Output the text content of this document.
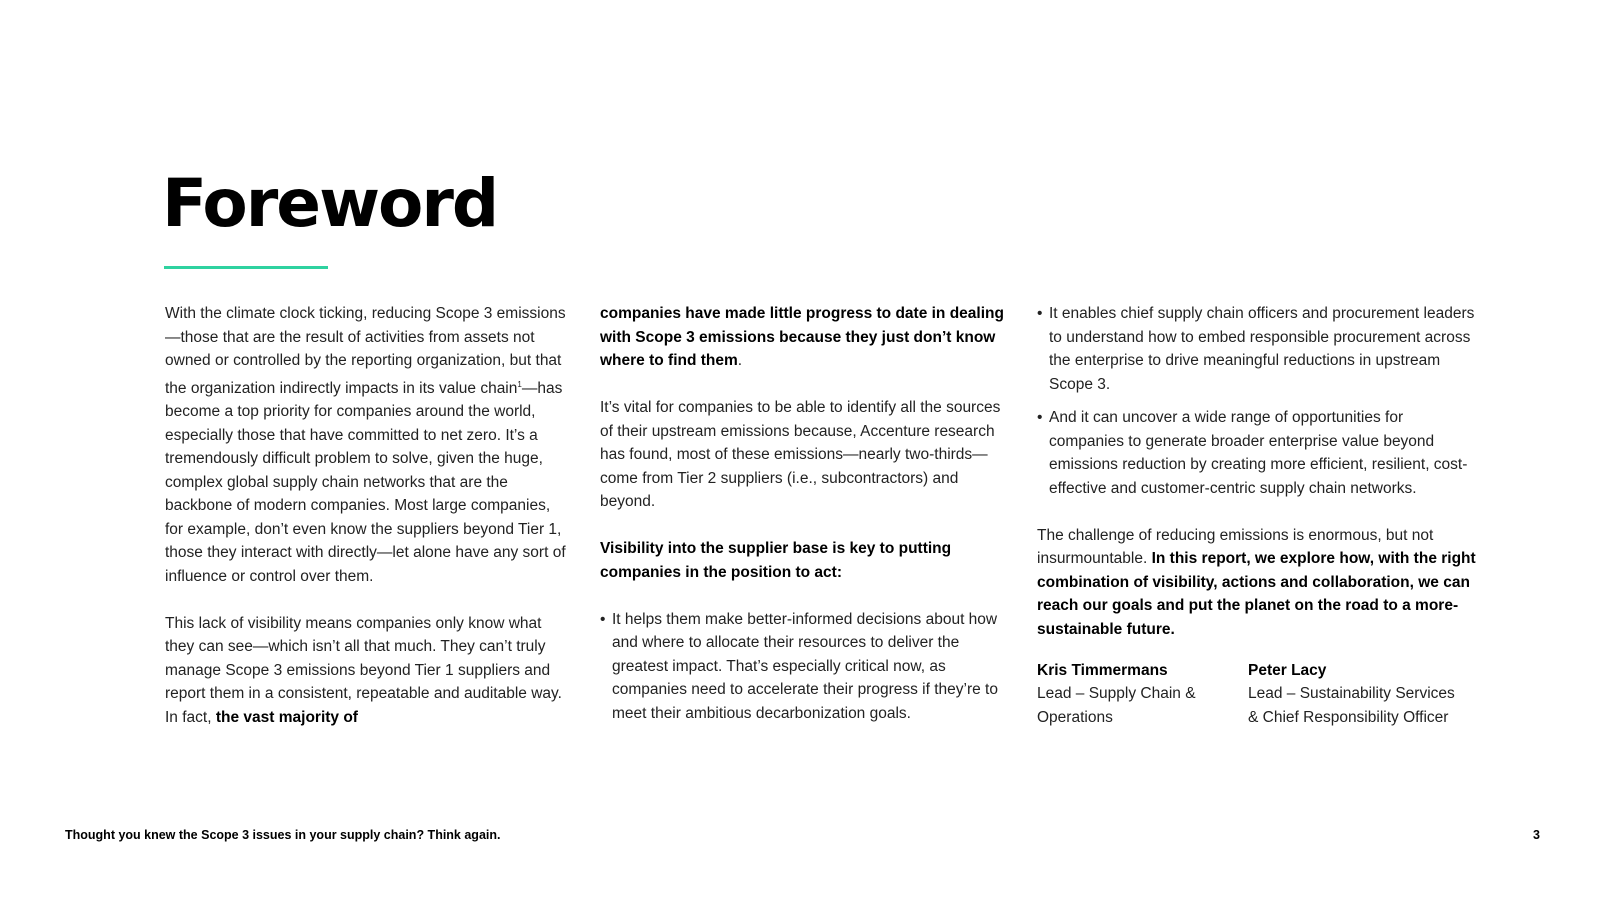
Foreword

With the climate clock ticking, reducing Scope 3 emissions—those that are the result of activities from assets not owned or controlled by the reporting organization, but that the organization indirectly impacts in its value chain$^1$—has become a top priority for companies around the world, especially those that have committed to net zero. It’s a tremendously difficult problem to solve, given the huge, complex global supply chain networks that are the backbone of modern companies. Most large companies, for example, don’t even know the suppliers beyond Tier 1, those they interact with directly—let alone have any sort of influence or control over them.

This lack of visibility means companies only know what they can see—which isn’t all that much. They can’t truly manage Scope 3 emissions beyond Tier 1 suppliers and report them in a consistent, repeatable and auditable way. In fact, the vast majority of

companies have made little progress to date in dealing with Scope 3 emissions because they just don’t know where to find them.

It’s vital for companies to be able to identify all the sources of their upstream emissions because, Accenture research has found, most of these emissions—nearly two-thirds—come from Tier 2 suppliers (i.e., subcontractors) and beyond.

Visibility into the supplier base is key to putting companies in the position to act:

• It helps them make better-informed decisions about how and where to allocate their resources to deliver the greatest impact. That’s especially critical now, as companies need to accelerate their progress if they’re to meet their ambitious decarbonization goals.
• It enables chief supply chain officers and procurement leaders to understand how to embed responsible procurement across the enterprise to drive meaningful reductions in upstream Scope 3.
• And it can uncover a wide range of opportunities for companies to generate broader enterprise value beyond emissions reduction by creating more efficient, resilient, cost-effective and customer-centric supply chain networks.

The challenge of reducing emissions is enormous, but not insurmountable. In this report, we explore how, with the right combination of visibility, actions and collaboration, we can reach our goals and put the planet on the road to a more-sustainable future.

Kris Timmermans
Lead – Supply Chain & Operations
Peter Lacy
Lead – Sustainability Services & Chief Responsibility Officer
Thought you knew the Scope 3 issues in your supply chain? Think again.	3
